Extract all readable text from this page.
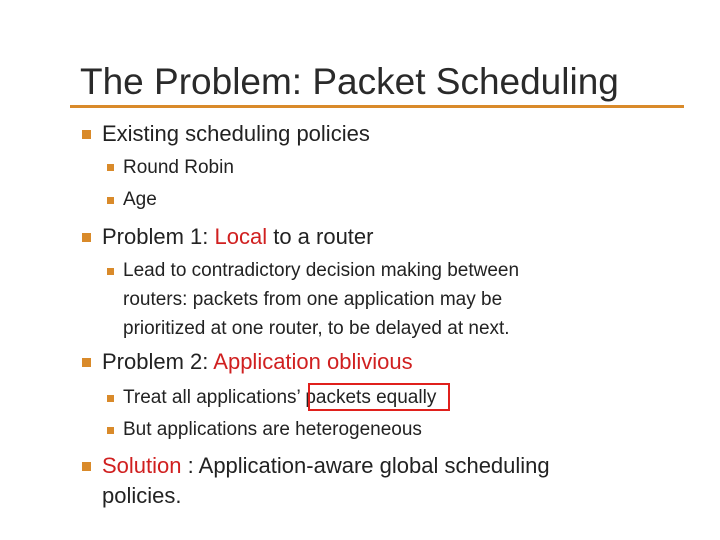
The Problem: Packet Scheduling
Existing scheduling policies
Round Robin
Age
Problem 1: Local to a router
Lead to contradictory decision making between
routers: packets from one application may be
prioritized at one router, to be delayed at next.
Problem 2: Application oblivious
Treat all applications’ packets equally
But applications are heterogeneous
Solution : Application-aware global scheduling
policies.
